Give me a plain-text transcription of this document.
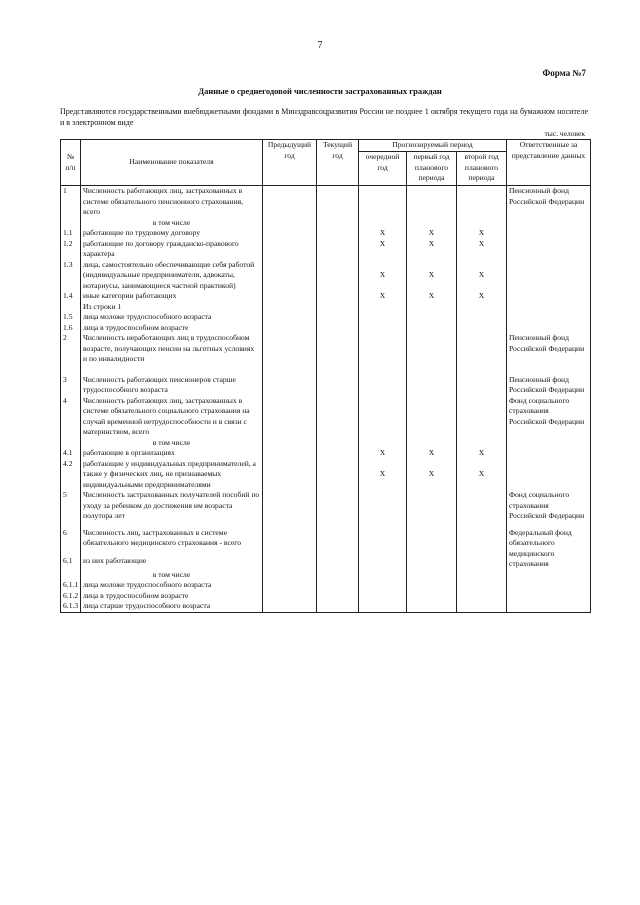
7
Форма №7
Данные о среднегодовой численности застрахованных граждан
Представляются государственными внебюджетными фондами в Минздравсоцразвития России не позднее 1 октября текущего года на бумажном носителе и в электронном виде
тыс. человек
№ п/п	Наименование показателя	Предыдущий год	Текущий год	Прогнозируемый период			Ответственные за представление данных
				очередной год	первый год планового периода	второй год планового периода	
1	Численность работающих лиц, застрахованных в системе обязательного пенсионного страхования, всего						Пенсионный фонд Российской Федерации
	в том числе						
1.1	работающие по трудовому договору			X	X	X	
1.2	работающие по договору гражданско-правового характера			X	X	X	
1.3	лица, самостоятельно обеспечивающие себя работой (индивидуальные предприниматели, адвокаты, нотариусы, занимающиеся частной практикой)			X	X	X	
1.4	иные категории работающих			X	X	X	
	Из строки 1						
1.5	лица моложе трудоспособного возраста						
1.6	лица в трудоспособном возрасте						
2	Численность неработающих лиц в трудоспособном возрасте, получающих пенсии на льготных условиях и по инвалидности						Пенсионный фонд Российской Федерации
3	Численность работающих пенсионеров старше трудоспособного возраста						Пенсионный фонд Российской Федерации
4	Численность работающих лиц, застрахованных в системе обязательного социального страхования на случай временной нетрудоспособности и в связи с материнством, всего						Фонд социального страхования Российской Федерации
	в том числе						
4.1	работающие в организациях			X	X	X	
4.2	работающие у индивидуальных предпринимателей, а также у физических лиц, не признаваемых индивидуальными предпринимателями			X	X	X	
5	Численность застрахованных получателей пособий по уходу за ребенком до достижения им возраста полутора лет						Фонд социального страхования Российской Федерации
6	Численность лиц, застрахованных в системе обязательного медицинского страхования - всего						Федеральный фонд обязательного медицинского страхования
6.1	из них работающие						
	в том числе						
6.1.1	лица моложе трудоспособного возраста						
6.1.2	лица в трудоспособном возрасте						
6.1.3	лица старше трудоспособного возраста						
